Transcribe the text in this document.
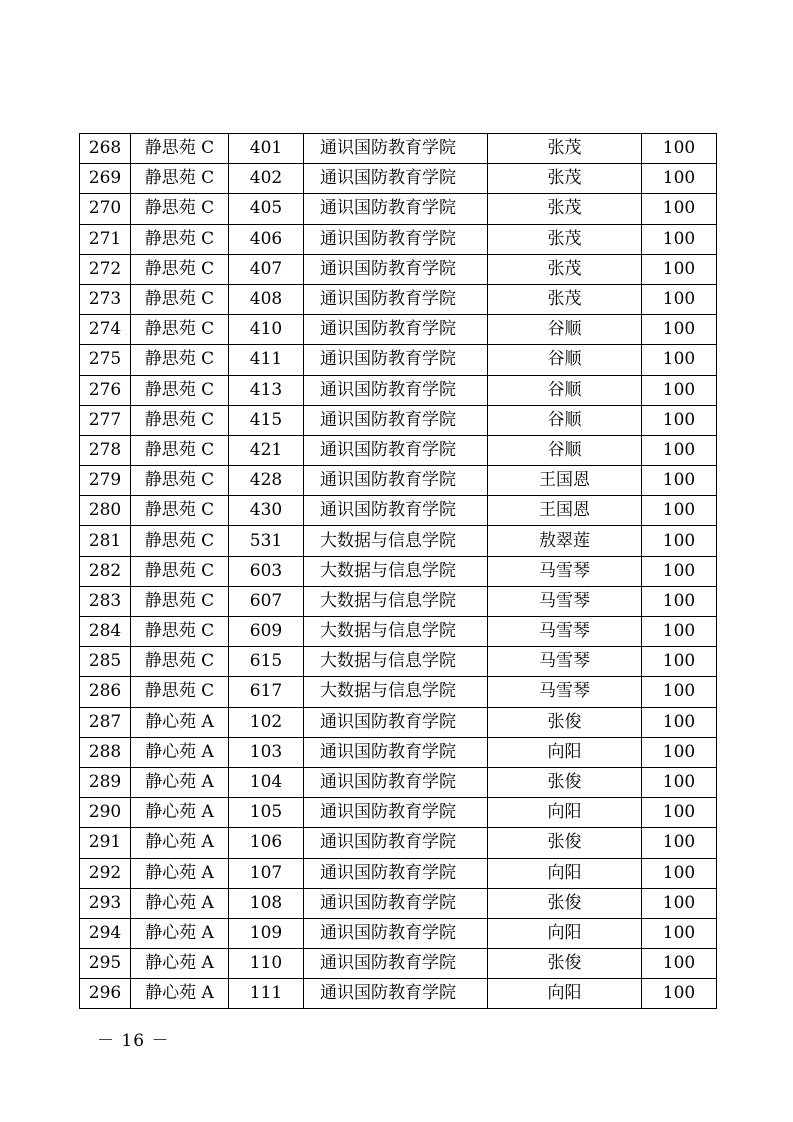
268	静思苑 C	401	通识国防教育学院	张茂	100
269	静思苑 C	402	通识国防教育学院	张茂	100
270	静思苑 C	405	通识国防教育学院	张茂	100
271	静思苑 C	406	通识国防教育学院	张茂	100
272	静思苑 C	407	通识国防教育学院	张茂	100
273	静思苑 C	408	通识国防教育学院	张茂	100
274	静思苑 C	410	通识国防教育学院	谷顺	100
275	静思苑 C	411	通识国防教育学院	谷顺	100
276	静思苑 C	413	通识国防教育学院	谷顺	100
277	静思苑 C	415	通识国防教育学院	谷顺	100
278	静思苑 C	421	通识国防教育学院	谷顺	100
279	静思苑 C	428	通识国防教育学院	王国恩	100
280	静思苑 C	430	通识国防教育学院	王国恩	100
281	静思苑 C	531	大数据与信息学院	敖翠莲	100
282	静思苑 C	603	大数据与信息学院	马雪琴	100
283	静思苑 C	607	大数据与信息学院	马雪琴	100
284	静思苑 C	609	大数据与信息学院	马雪琴	100
285	静思苑 C	615	大数据与信息学院	马雪琴	100
286	静思苑 C	617	大数据与信息学院	马雪琴	100
287	静心苑 A	102	通识国防教育学院	张俊	100
288	静心苑 A	103	通识国防教育学院	向阳	100
289	静心苑 A	104	通识国防教育学院	张俊	100
290	静心苑 A	105	通识国防教育学院	向阳	100
291	静心苑 A	106	通识国防教育学院	张俊	100
292	静心苑 A	107	通识国防教育学院	向阳	100
293	静心苑 A	108	通识国防教育学院	张俊	100
294	静心苑 A	109	通识国防教育学院	向阳	100
295	静心苑 A	110	通识国防教育学院	张俊	100
296	静心苑 A	111	通识国防教育学院	向阳	100
－ 16 －
